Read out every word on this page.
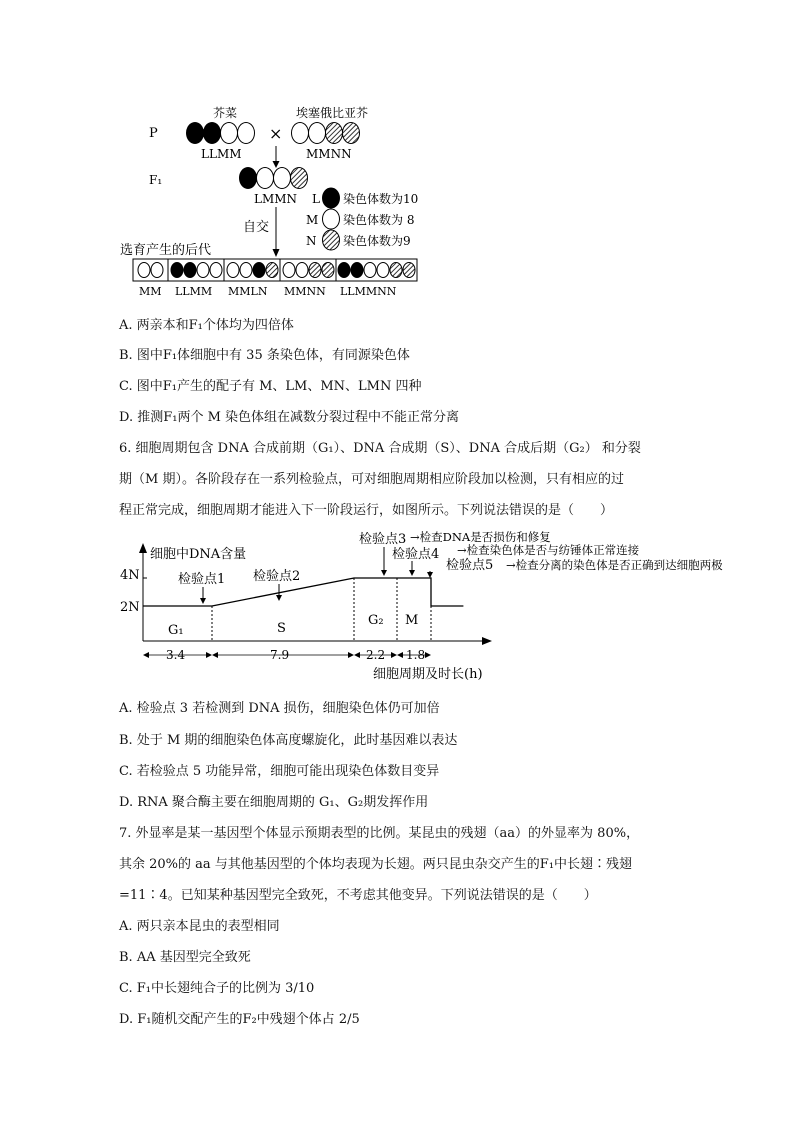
P
芥菜	埃塞俄比亚芥
×
LLMM	MMNN
F₁
LMMN L 染色体数为10
M 染色体数为 8
N 染色体数为9
自交
选育产生的后代
MM LLMM MMLN MMNN LLMMNN
A. 两亲本和F₁个体均为四倍体
B. 图中F₁体细胞中有 35 条染色体，有同源染色体
C. 图中F₁产生的配子有 M、LM、MN、LMN 四种
D. 推测F₁两个 M 染色体组在减数分裂过程中不能正常分离
6. 细胞周期包含 DNA 合成前期（G₁）、DNA 合成期（S）、DNA 合成后期（G₂） 和分裂
期（M 期）。各阶段存在一系列检验点，可对细胞周期相应阶段加以检测，只有相应的过
程正常完成，细胞周期才能进入下一阶段运行，如图所示。下列说法错误的是（　　）
细胞中DNA含量
4N
2N
细胞周期及时长(h)
G₁	S
G₂ M
3.4	7.9	2.2 1.8
检验点1 检验点2
检验点3 →检查DNA是否损伤和修复
检验点4 →检查染色体是否与纺锤体正常连接
检验点5 →检查分离的染色体是否正确到达细胞两极
A. 检验点 3 若检测到 DNA 损伤，细胞染色体仍可加倍
B. 处于 M 期的细胞染色体高度螺旋化，此时基因难以表达
C. 若检验点 5 功能异常，细胞可能出现染色体数目变异
D. RNA 聚合酶主要在细胞周期的 G₁、G₂期发挥作用
7. 外显率是某一基因型个体显示预期表型的比例。某昆虫的残翅（aa）的外显率为 80%，
其余 20%的 aa 与其他基因型的个体均表现为长翅。两只昆虫杂交产生的F₁中长翅∶残翅
=11∶4。已知某种基因型完全致死，不考虑其他变异。下列说法错误的是（　　）
A. 两只亲本昆虫的表型相同
B. AA 基因型完全致死
C. F₁中长翅纯合子的比例为 3/10
D. F₁随机交配产生的F₂中残翅个体占 2/5
